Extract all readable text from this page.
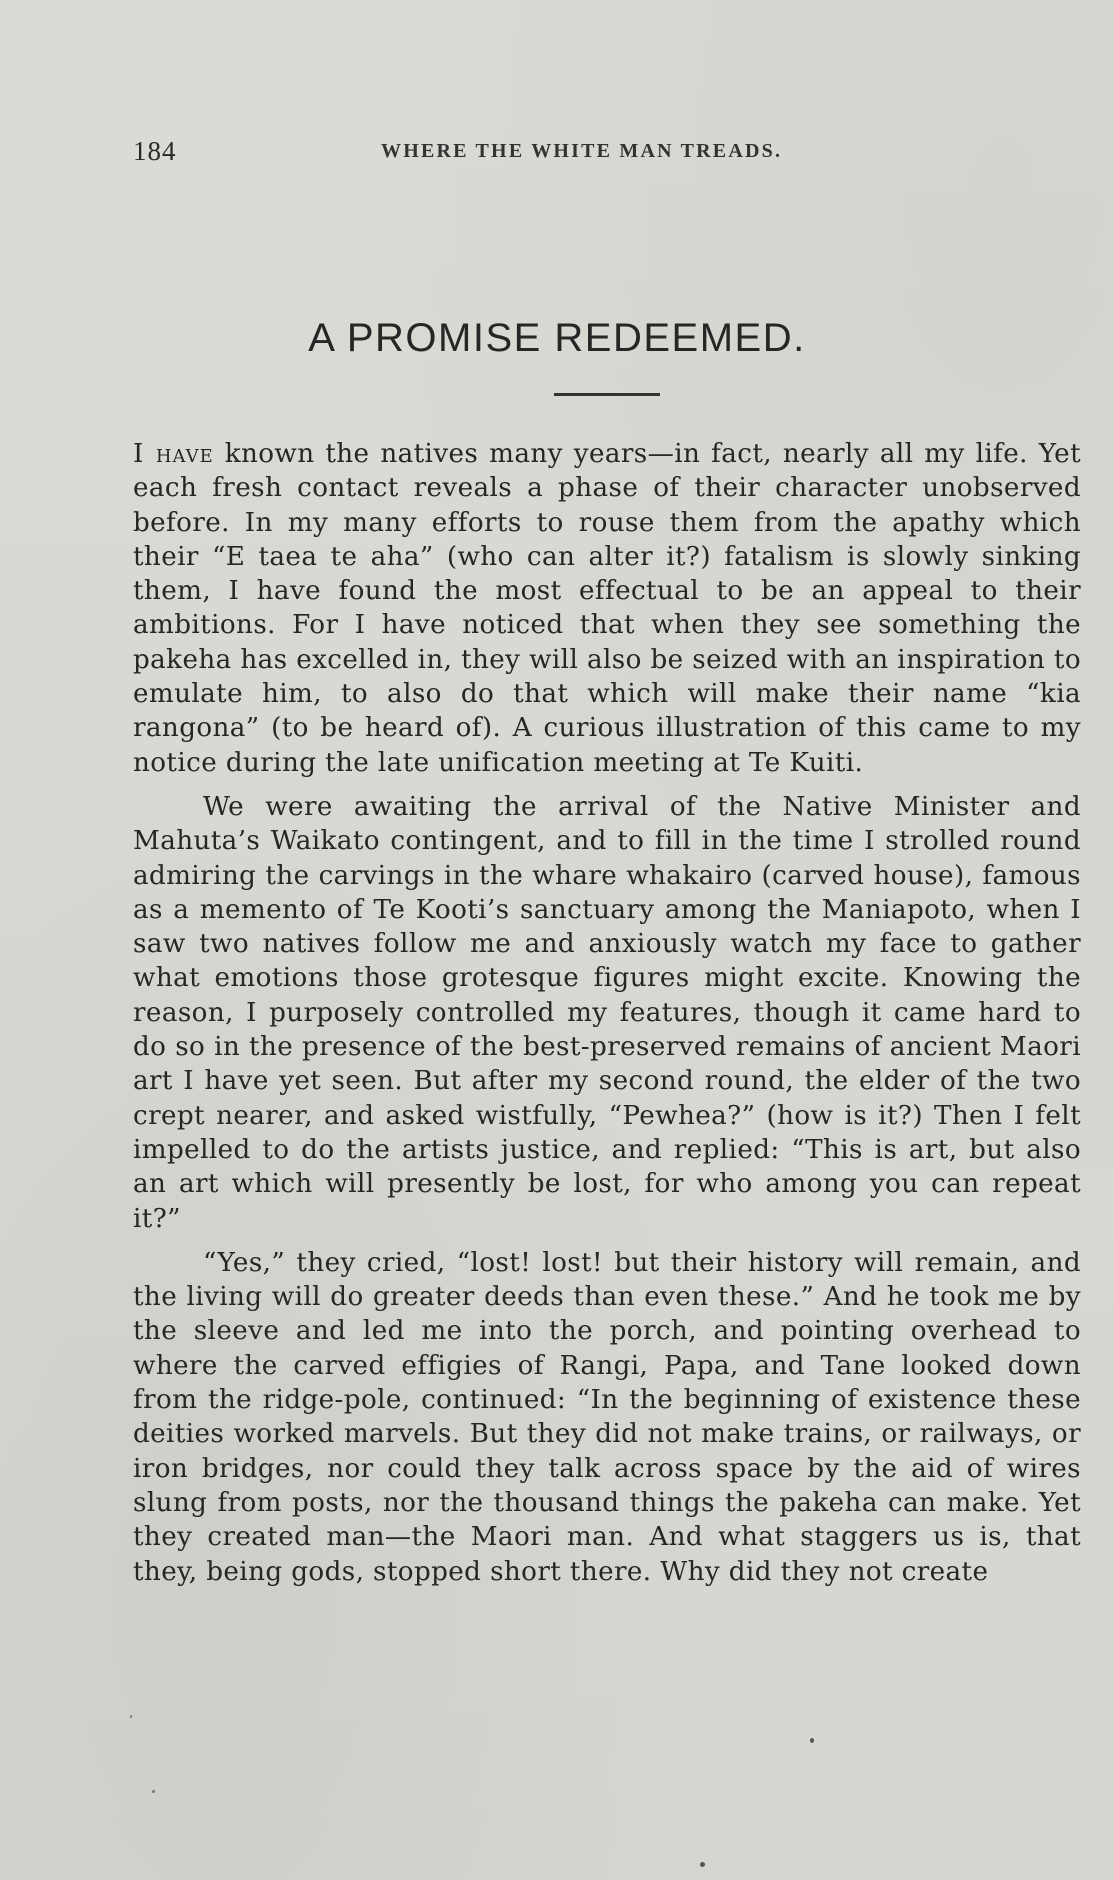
184	WHERE THE WHITE MAN TREADS.
A PROMISE REDEEMED.

I have known the natives many years—in fact, nearly all my life. Yet each fresh contact reveals a phase of their character unobserved before. In my many efforts to rouse them from the apathy which their “E taea te aha” (who can alter it?) fatalism is slowly sinking them, I have found the most effectual to be an appeal to their ambitions. For I have noticed that when they see something the pakeha has excelled in, they will also be seized with an inspiration to emulate him, to also do that which will make their name “kia rangona” (to be heard of). A curious illustration of this came to my notice during the late unification meeting at Te Kuiti.

We were awaiting the arrival of the Native Minister and Mahuta’s Waikato contingent, and to fill in the time I strolled round admiring the carvings in the whare whakairo (carved house), famous as a memento of Te Kooti’s sanctuary among the Maniapoto, when I saw two natives follow me and anxiously watch my face to gather what emotions those grotesque figures might excite. Knowing the reason, I purposely controlled my features, though it came hard to do so in the presence of the best-preserved remains of ancient Maori art I have yet seen. But after my second round, the elder of the two crept nearer, and asked wistfully, “Pewhea?” (how is it?) Then I felt impelled to do the artists justice, and replied: “This is art, but also an art which will presently be lost, for who among you can repeat it?”

“Yes,” they cried, “lost! lost! but their history will remain, and the living will do greater deeds than even these.” And he took me by the sleeve and led me into the porch, and pointing overhead to where the carved effigies of Rangi, Papa, and Tane looked down from the ridge-pole, continued: “In the beginning of existence these deities worked marvels. But they did not make trains, or railways, or iron bridges, nor could they talk across space by the aid of wires slung from posts, nor the thousand things the pakeha can make. Yet they created man—the Maori man. And what staggers us is, that they, being gods, stopped short there. Why did they not create
